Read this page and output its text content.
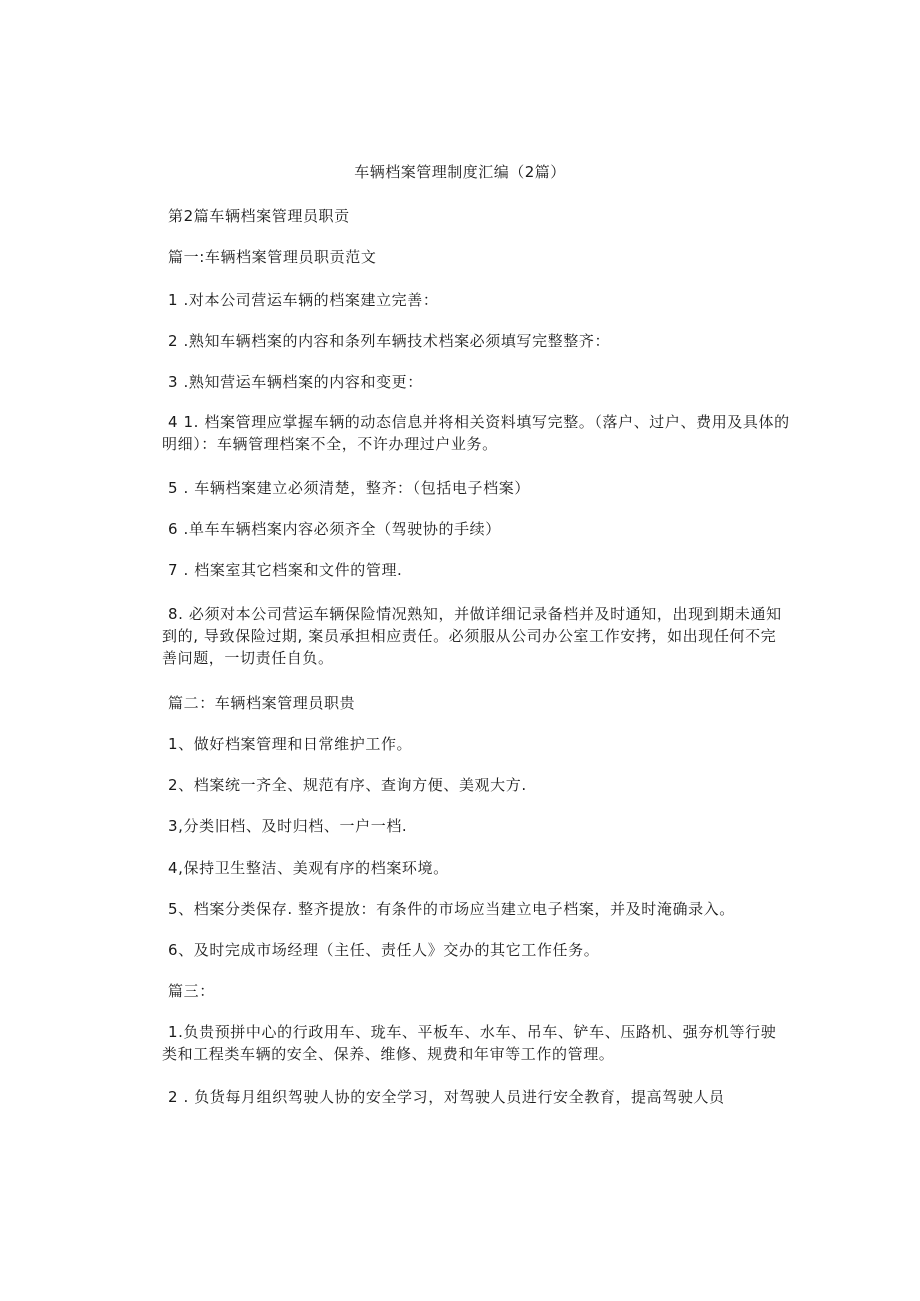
车辆档案管理制度汇编（2篇）

第2篇车辆档案管理员职贡

篇一:车辆档案管理员职贡范文

1 .对本公司营运车辆的档案建立完善：

2 .熟知车辆档案的内容和条列车辆技术档案必须填写完整整齐：

3 .熟知营运车辆档案的内容和变更：

4 1. 档案管理应掌握车辆的动态信息并将相关资料填写完整。（落户、过户、费用及具体的明细）：车辆管理档案不全，不许办理过户业务。

5 . 车辆档案建立必须清楚，整齐：（包括电子档案）

6 .单车车辆档案内容必须齐全（驾驶协的手续）

7 . 档案室其它档案和文件的管理.

8. 必须对本公司营运车辆保险情况熟知，并做详细记录备档并及时通知，出现到期未通知到的, 导致保险过期, 案员承担相应责任。必须服从公司办公室工作安拷，如出现任何不完善问题，一切责任自负。

篇二：车辆档案管理员职贵

1、做好档案管理和日常维护工作。

2、档案统一齐全、规范有序、查询方便、美观大方.

3,分类旧档、及时归档、一户一档.

4,保持卫生整洁、美观有序的档案环境。

5、档案分类保存. 整齐提放：有条件的市场应当建立电子档案，并及时淹确录入。

6、及时完成市场经理（主任、责任人》交办的其它工作任务。

篇三：

1.负贵预拼中心的行政用车、珑车、平板车、水车、吊车、铲车、压路机、强夯机等行驶类和工程类车辆的安全、保养、维修、规费和年审等工作的管理。

2 . 负货每月组织驾驶人协的安全学习，对驾驶人员进行安全教育，提高驾驶人员
